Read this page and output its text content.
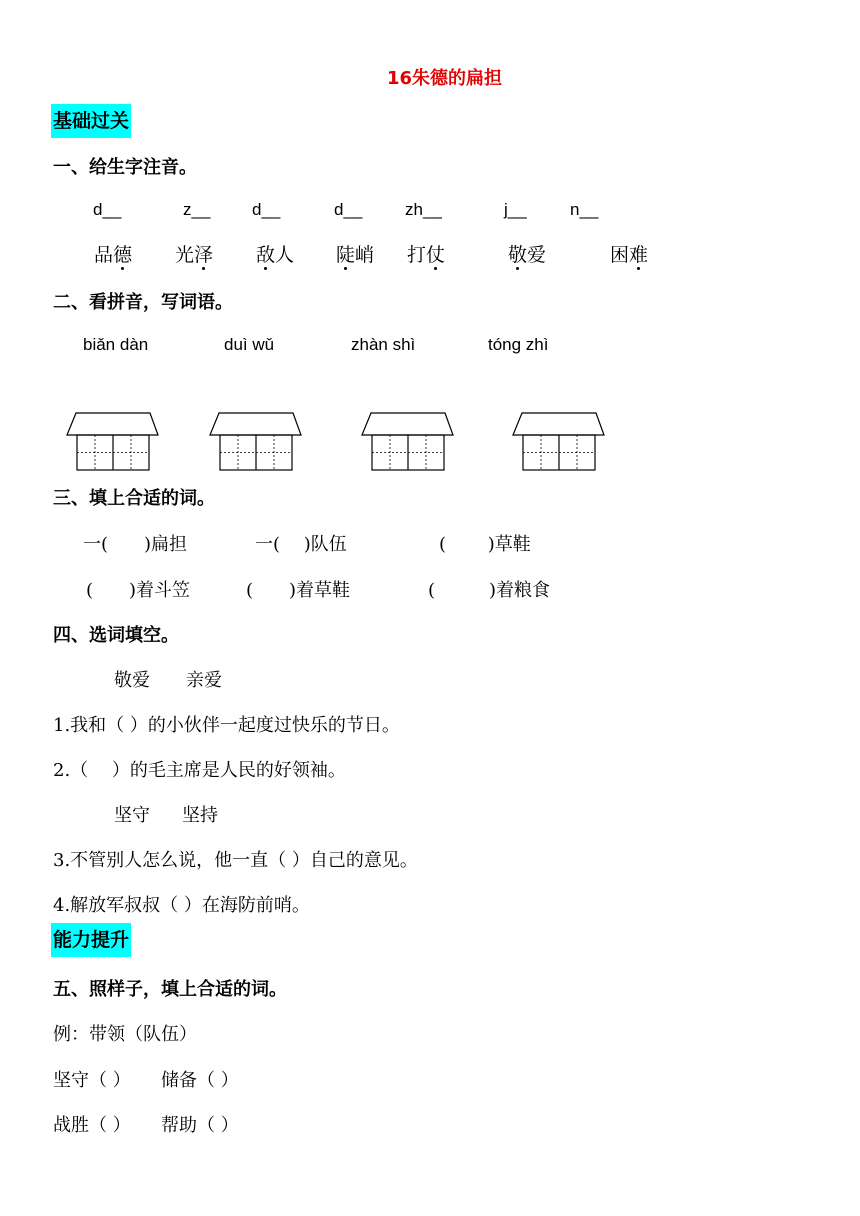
16朱德的扁担
基础过关
一、给生字注音。
d__	z__ d__	d__	zh__	j__	n__
品德 光泽 敌人 陡峭 打仗	敬爱	困难
二、看拼音，写词语。
biǎn dàn	duì wǔ	zhàn shì	tóng zhì
三、填上合适的词。
一(　　)扁担	一(　 )队伍	(　　 )草鞋
(　　)着斗笠	(　　)着草鞋	(　　　)着粮食
四、选词填空。
敬爱 亲爱
1.我和（ ）的小伙伴一起度过快乐的节日。
2.（　 ）的毛主席是人民的好领袖。
坚守 坚持
3.不管别人怎么说，他一直（ ）自己的意见。
4.解放军叔叔（ ）在海防前哨。
能力提升
五、照样子，填上合适的词。
例：带领（队伍）
坚守（ ） 储备（ ）
战胜（ ） 帮助（ ）
